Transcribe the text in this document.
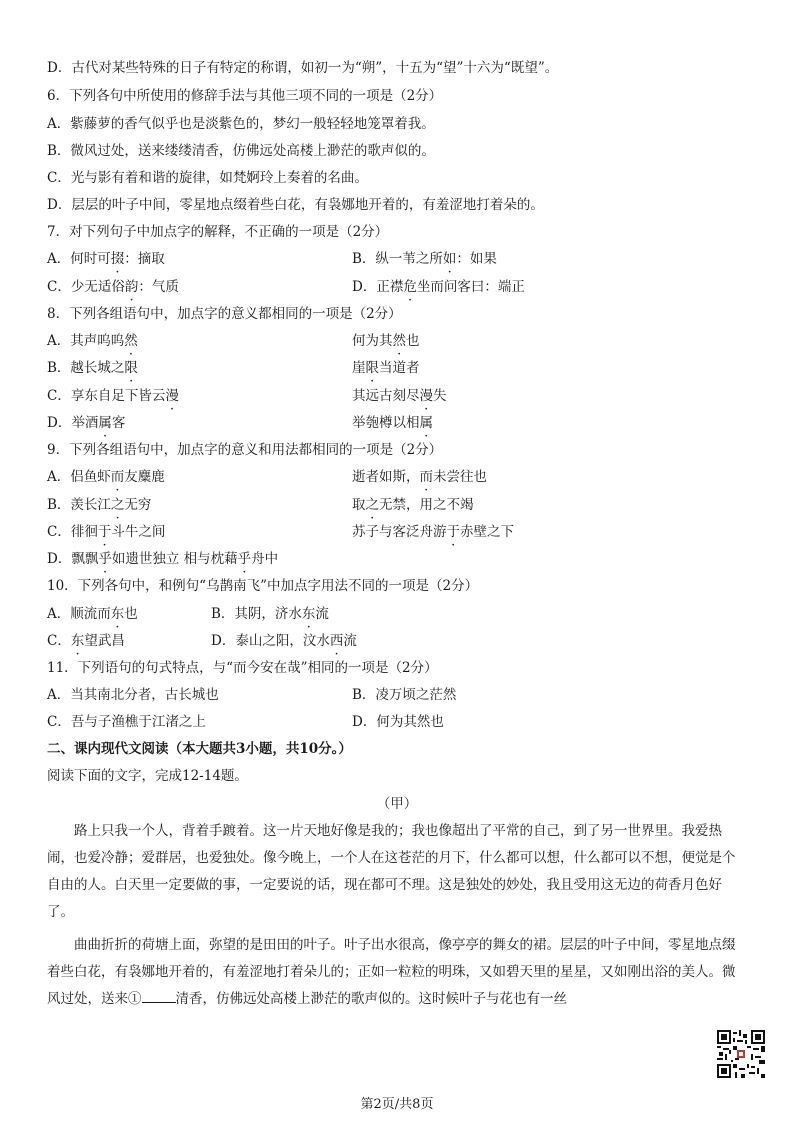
D．古代对某些特殊的日子有特定的称谓，如初一为“朔”，十五为“望”十六为“既望”。
6．下列各句中所使用的修辞手法与其他三项不同的一项是（2分）
A．紫藤萝的香气似乎也是淡紫色的，梦幻一般轻轻地笼罩着我。
B．微风过处，送来缕缕清香，仿佛远处高楼上渺茫的歌声似的。
C．光与影有着和谐的旋律，如梵婀玲上奏着的名曲。
D．层层的叶子中间，零星地点缀着些白花，有袅娜地开着的，有羞涩地打着朵的。
7．对下列句子中加点字的解释，不正确的一项是（2分）
A．何时可掇：摘取	B．纵一苇之所如：如果
C．少无适俗韵：气质	D．正襟危坐而问客曰：端正
8．下列各组语句中，加点字的意义都相同的一项是（2分）
A．其声呜呜然	何为其然也
B．越长城之限	崖限当道者
C．享东自足下皆云漫	其远古刻尽漫失
D．举酒属客	举匏樽以相属
9．下列各组语句中，加点字的意义和用法都相同的一项是（2分）
A．侣鱼虾而友麋鹿	逝者如斯，而未尝往也
B．羡长江之无穷	取之无禁，用之不竭
C．徘徊于斗牛之间	苏子与客泛舟游于赤壁之下
D．飘飘乎如遗世独立 相与枕藉乎舟中
10．下列各句中，和例句“乌鹊南飞”中加点字用法不同的一项是（2分）
A．顺流而东也	B．其阴，济水东流
C．东望武昌	D．泰山之阳，汶水西流
11．下列语句的句式特点，与“而今安在哉”相同的一项是（2分）
A．当其南北分者，古长城也	B．凌万顷之茫然
C．吾与子渔樵于江渚之上	D．何为其然也
二、课内现代文阅读（本大题共3小题，共10分。）
阅读下面的文字，完成12-14题。
（甲）
路上只我一个人，背着手踱着。这一片天地好像是我的；我也像超出了平常的自己，到了另一世界里。我爱热闹，也爱冷静；爱群居，也爱独处。像今晚上，一个人在这苍茫的月下，什么都可以想，什么都可以不想，便觉是个自由的人。白天里一定要做的事，一定要说的话，现在都可不理。这是独处的妙处，我且受用这无边的荷香月色好了。
曲曲折折的荷塘上面，弥望的是田田的叶子。叶子出水很高，像亭亭的舞女的裙。层层的叶子中间，零星地点缀着些白花，有袅娜地开着的，有羞涩地打着朵儿的；正如一粒粒的明珠，又如碧天里的星星，又如刚出浴的美人。微风过处，送来①	清香，仿佛远处高楼上渺茫的歌声似的。这时候叶子与花也有一丝
第2页/共8页
